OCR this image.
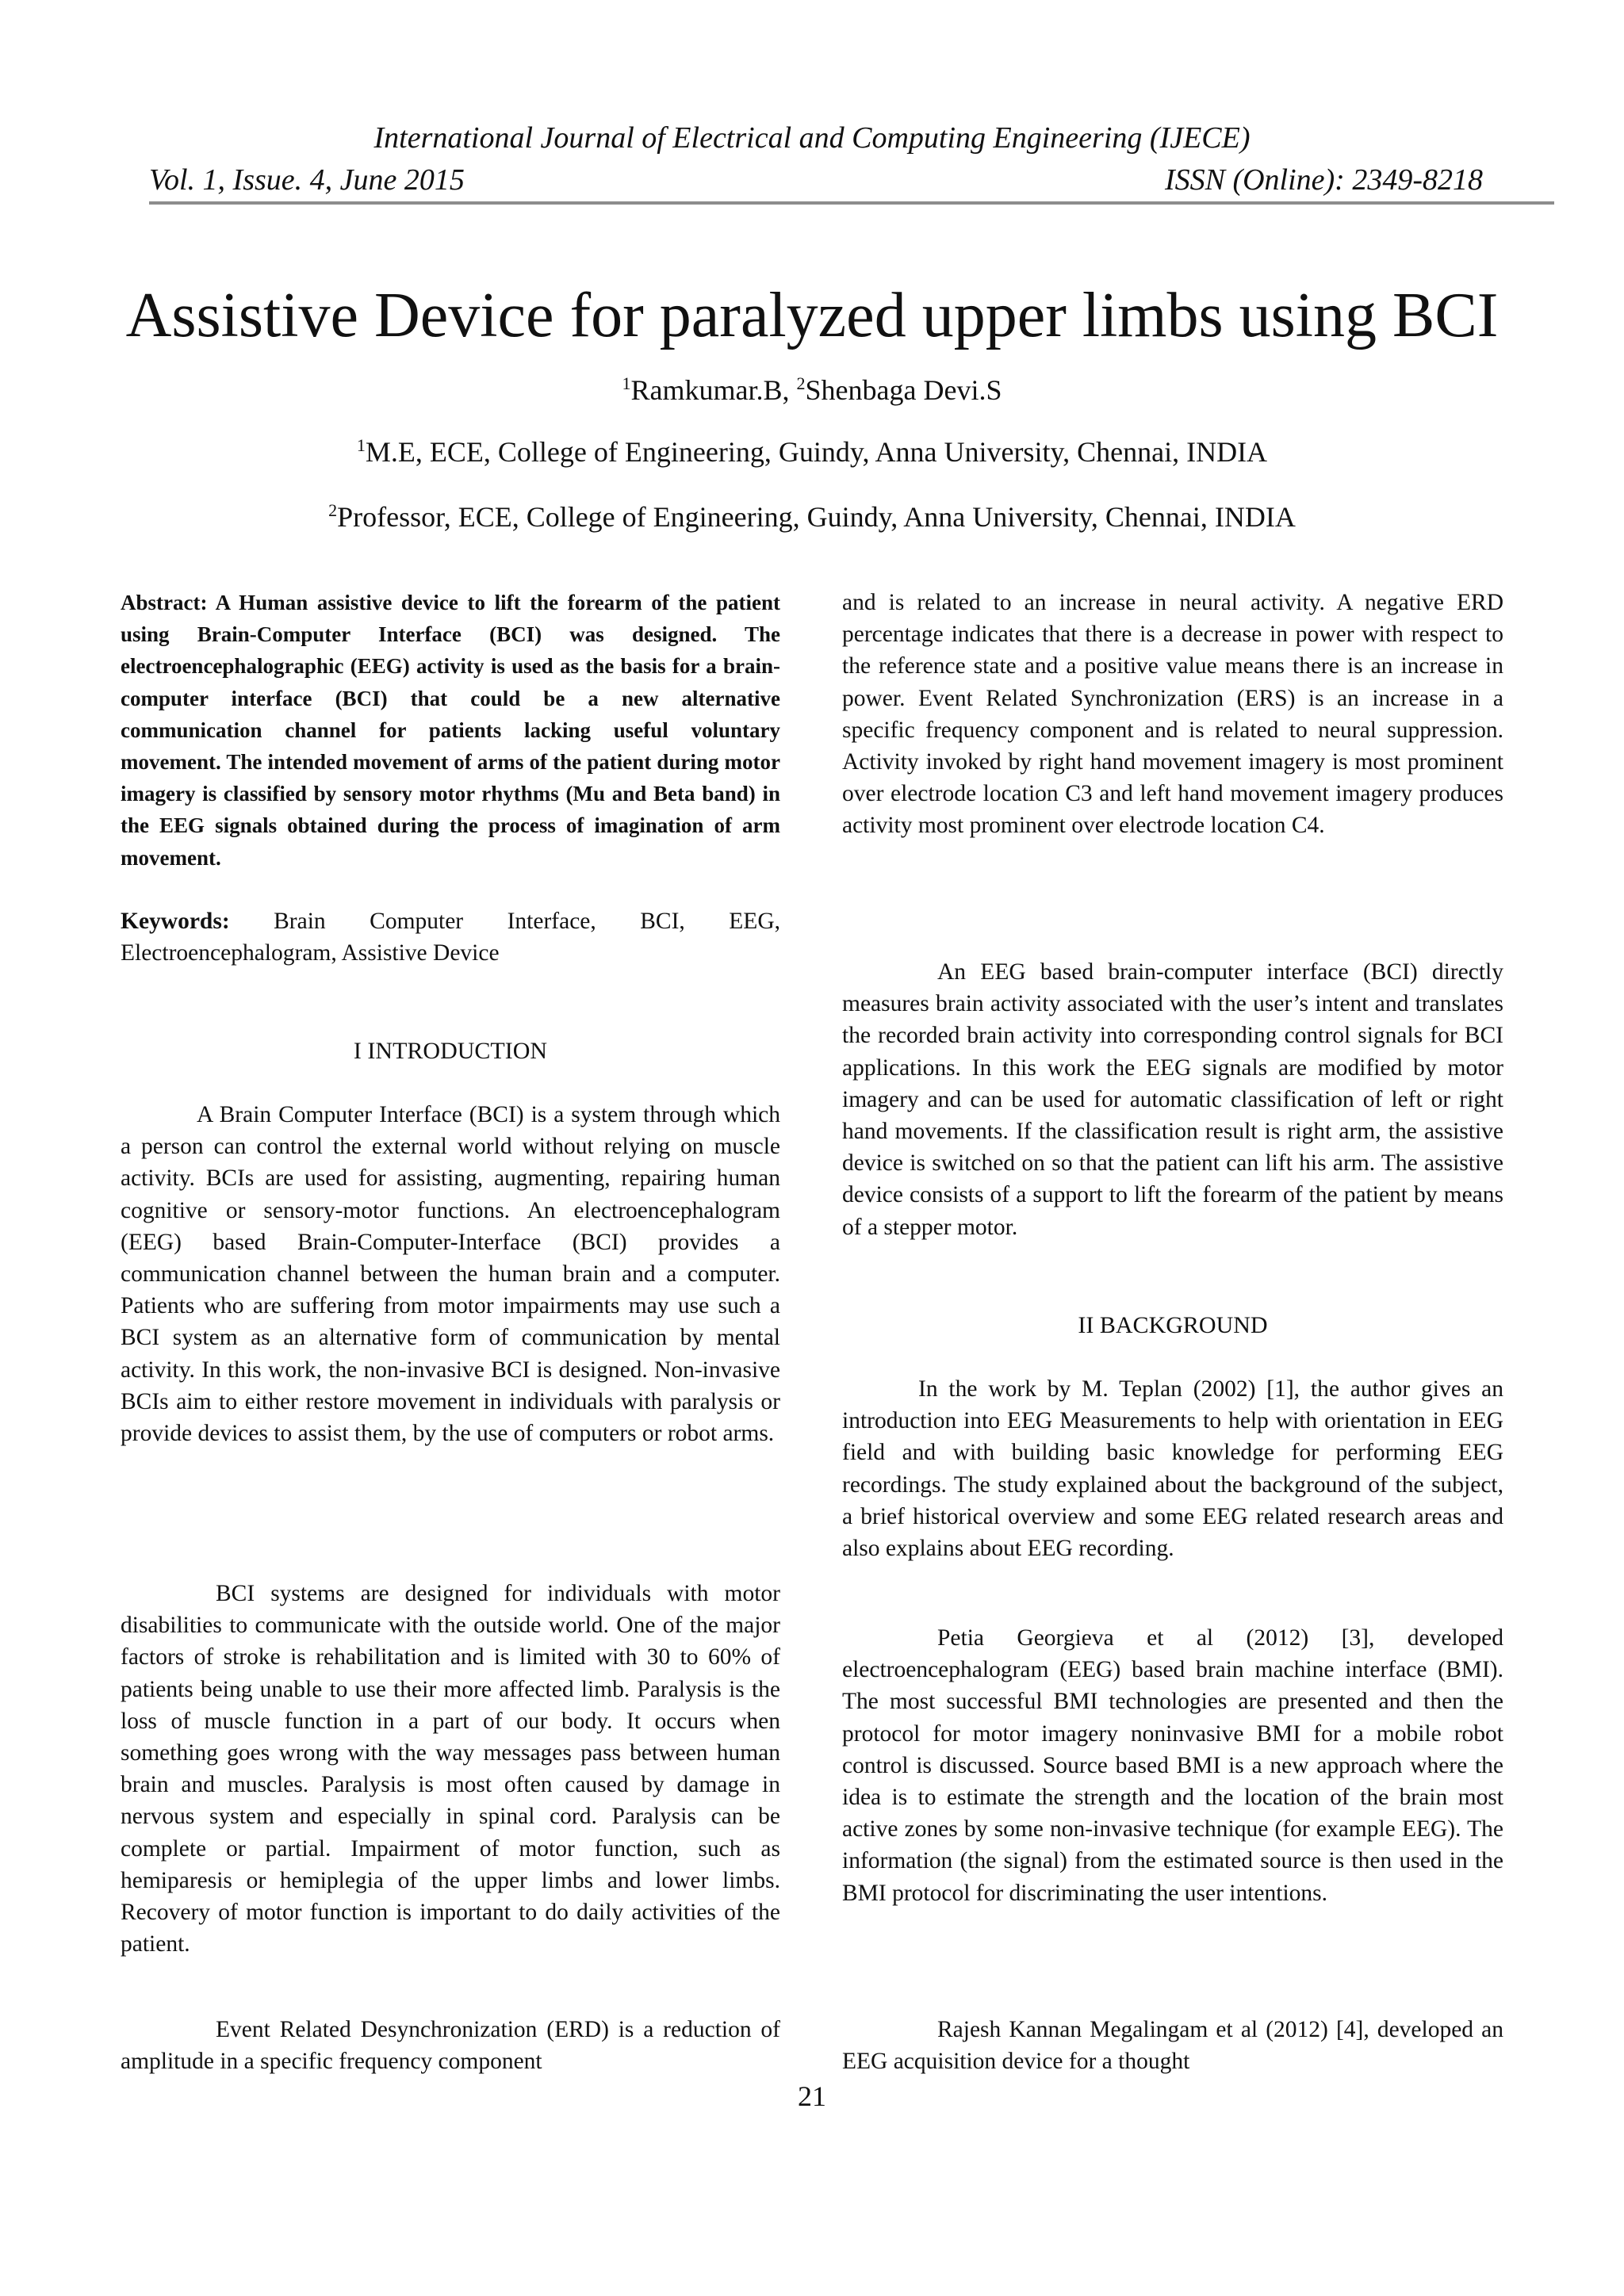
International Journal of Electrical and Computing Engineering (IJECE)
Vol. 1, Issue. 4, June 2015	ISSN (Online): 2349-8218
Assistive Device for paralyzed upper limbs using BCI
$^1$Ramkumar.B, $^2$Shenbaga Devi.S
$^1$M.E, ECE, College of Engineering, Guindy, Anna University, Chennai, INDIA
$^2$Professor, ECE, College of Engineering, Guindy, Anna University, Chennai, INDIA
Abstract: A Human assistive device to lift the forearm of the patient using Brain-Computer Interface (BCI) was designed. The electroencephalographic (EEG) activity is used as the basis for a brain-computer interface (BCI) that could be a new alternative communication channel for patients lacking useful voluntary movement. The intended movement of arms of the patient during motor imagery is classified by sensory motor rhythms (Mu and Beta band) in the EEG signals obtained during the process of imagination of arm movement.
Keywords: Brain Computer Interface, BCI, EEG, Electroencephalogram, Assistive Device
I INTRODUCTION

A Brain Computer Interface (BCI) is a system through which a person can control the external world without relying on muscle activity. BCIs are used for assisting, augmenting, repairing human cognitive or sensory-motor functions. An electroencephalogram (EEG) based Brain-Computer-Interface (BCI) provides a communication channel between the human brain and a computer. Patients who are suffering from motor impairments may use such a BCI system as an alternative form of communication by mental activity. In this work, the non-invasive BCI is designed. Non-invasive BCIs aim to either restore movement in individuals with paralysis or provide devices to assist them, by the use of computers or robot arms.

BCI systems are designed for individuals with motor disabilities to communicate with the outside world. One of the major factors of stroke is rehabilitation and is limited with 30 to 60% of patients being unable to use their more affected limb. Paralysis is the loss of muscle function in a part of our body. It occurs when something goes wrong with the way messages pass between human brain and muscles. Paralysis is most often caused by damage in nervous system and especially in spinal cord. Paralysis can be complete or partial. Impairment of motor function, such as hemiparesis or hemiplegia of the upper limbs and lower limbs. Recovery of motor function is important to do daily activities of the patient.

Event Related Desynchronization (ERD) is a reduction of amplitude in a specific frequency component

and is related to an increase in neural activity. A negative ERD percentage indicates that there is a decrease in power with respect to the reference state and a positive value means there is an increase in power. Event Related Synchronization (ERS) is an increase in a specific frequency component and is related to neural suppression. Activity invoked by right hand movement imagery is most prominent over electrode location C3 and left hand movement imagery produces activity most prominent over electrode location C4.

An EEG based brain-computer interface (BCI) directly measures brain activity associated with the user’s intent and translates the recorded brain activity into corresponding control signals for BCI applications. In this work the EEG signals are modified by motor imagery and can be used for automatic classification of left or right hand movements. If the classification result is right arm, the assistive device is switched on so that the patient can lift his arm. The assistive device consists of a support to lift the forearm of the patient by means of a stepper motor.

II BACKGROUND

In the work by M. Teplan (2002) [1], the author gives an introduction into EEG Measurements to help with orientation in EEG field and with building basic knowledge for performing EEG recordings. The study explained about the background of the subject, a brief historical overview and some EEG related research areas and also explains about EEG recording.

Petia Georgieva et al (2012) [3], developed electroencephalogram (EEG) based brain machine interface (BMI). The most successful BMI technologies are presented and then the protocol for motor imagery noninvasive BMI for a mobile robot control is discussed. Source based BMI is a new approach where the idea is to estimate the strength and the location of the brain most active zones by some non-invasive technique (for example EEG). The information (the signal) from the estimated source is then used in the BMI protocol for discriminating the user intentions.

Rajesh Kannan Megalingam et al (2012) [4], developed an EEG acquisition device for a thought

21
